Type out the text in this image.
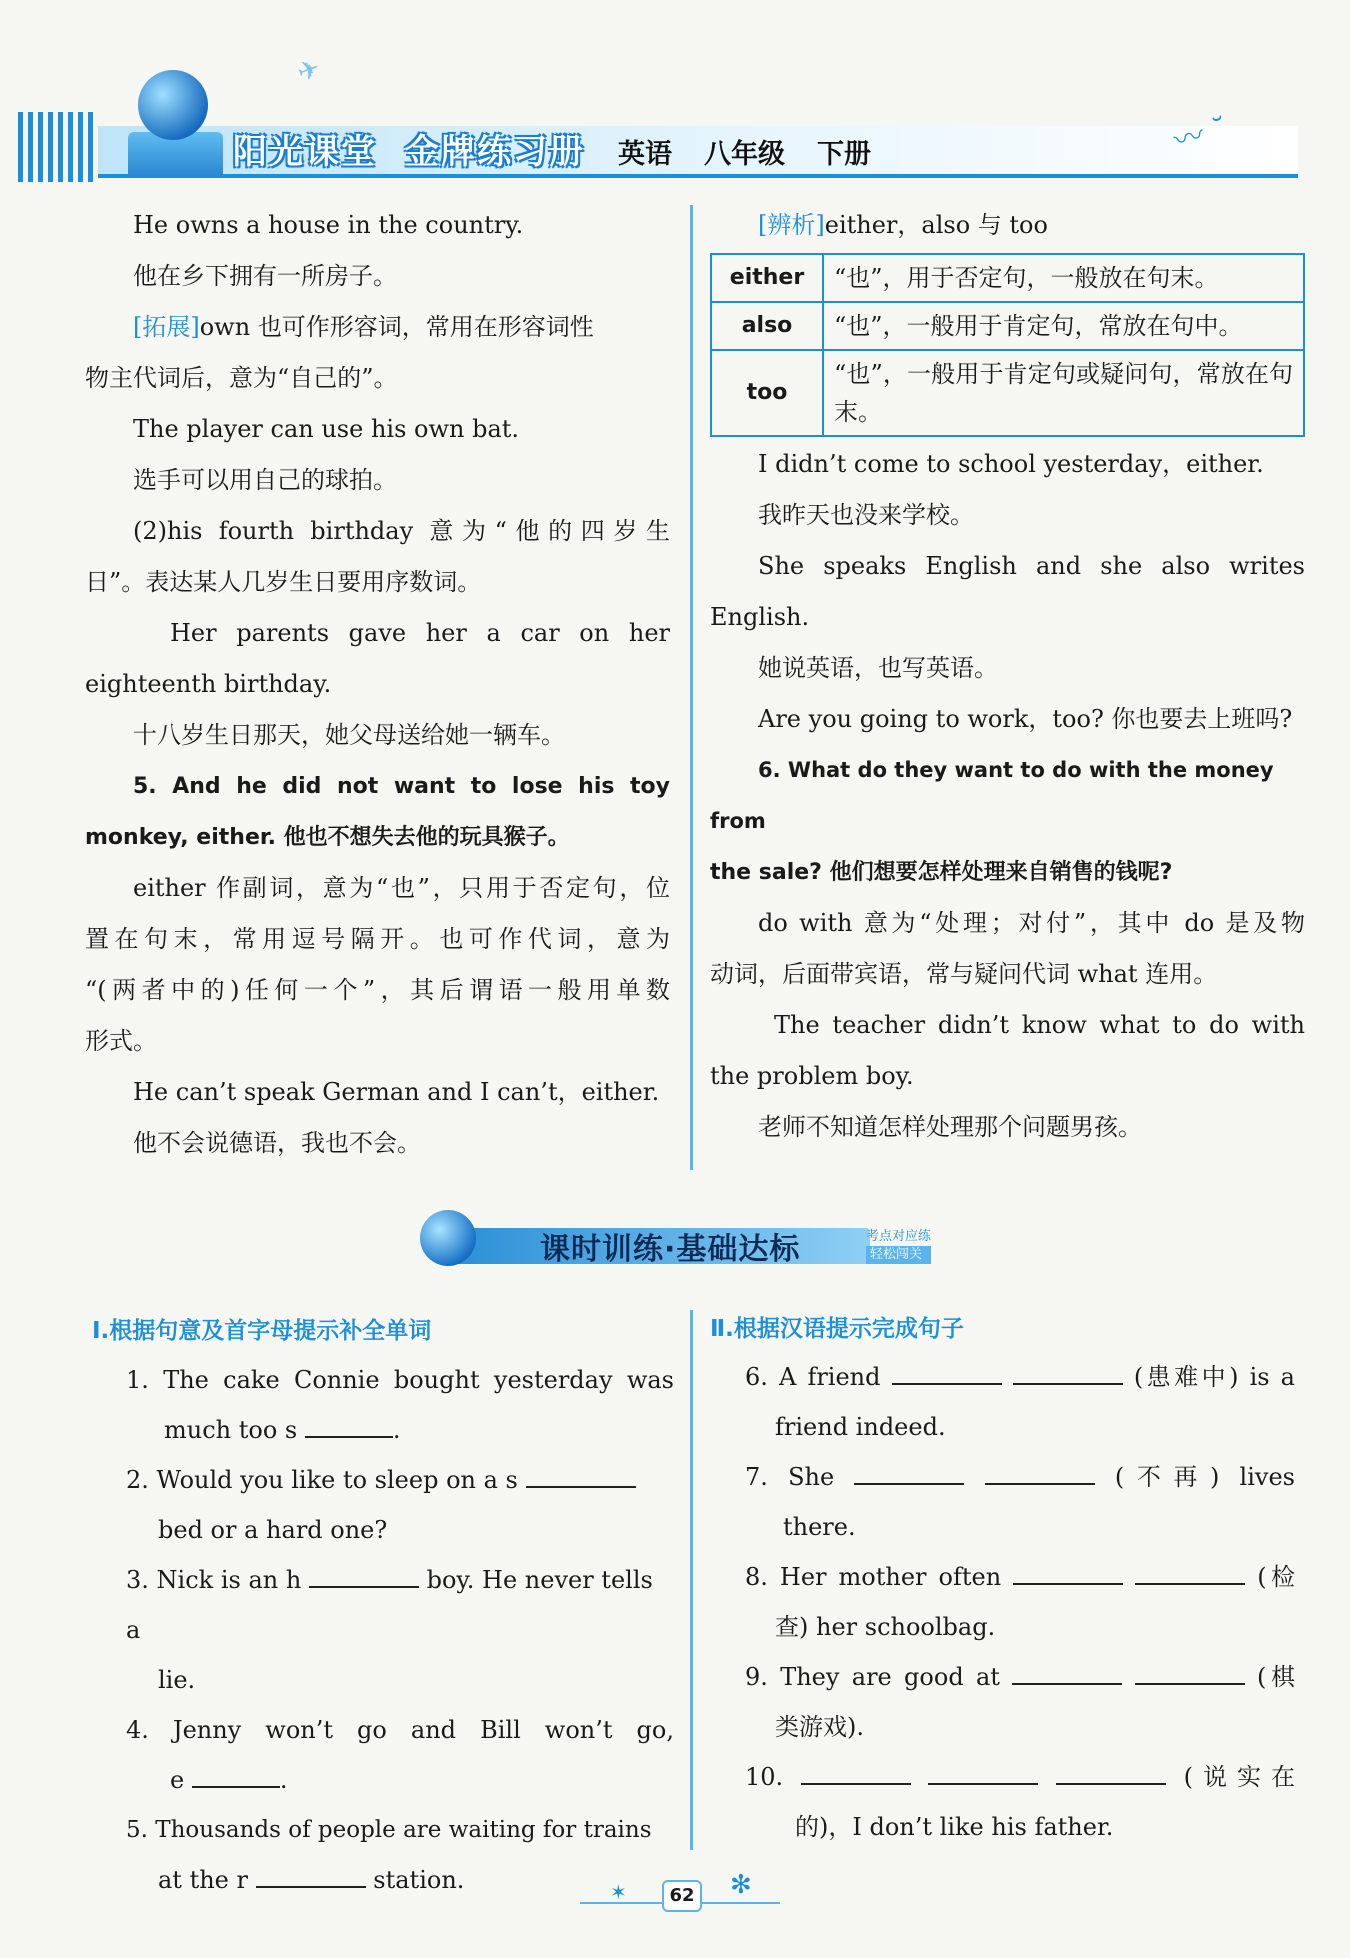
✈
阳光课堂 金牌练习册	英语 八年级 下册	〰 ˘

He owns a house in the country.

他在乡下拥有一所房子。

[拓展]own 也可作形容词，常用在形容词性

物主代词后，意为“自己的”。

The player can use his own bat.

选手可以用自己的球拍。

(2)his fourth birthday 意为“他的四岁生

日”。表达某人几岁生日要用序数词。

Her parents gave her a car on her

eighteenth birthday.

十八岁生日那天，她父母送给她一辆车。

5. And he did not want to lose his toy

monkey, either. 他也不想失去他的玩具猴子。

either 作副词，意为“也”，只用于否定句，位

置在句末，常用逗号隔开。也可作代词，意为

“(两者中的)任何一个”，其后谓语一般用单数

形式。

He can’t speak German and I can’t，either.

他不会说德语，我也不会。

[辨析]either，also 与 too

either	“也”，用于否定句，一般放在句末。
also	“也”，一般用于肯定句，常放在句中。
too	“也”，一般用于肯定句或疑问句，常放在句末。

I didn’t come to school yesterday，either.

我昨天也没来学校。

She speaks English and she also writes

English.

她说英语，也写英语。

Are you going to work，too? 你也要去上班吗?

6. What do they want to do with the money from

the sale? 他们想要怎样处理来自销售的钱呢?

do with 意为“处理；对付”，其中 do 是及物

动词，后面带宾语，常与疑问代词 what 连用。

The teacher didn’t know what to do with

the problem boy.

老师不知道怎样处理那个问题男孩。

课时训练·基础达标	考点对应练
轻松闯关
Ⅰ.根据句意及首字母提示补全单词

1. The cake Connie bought yesterday was

much too s	.

2. Would you like to sleep on a s

bed or a hard one?

3. Nick is an h	boy. He never tells a

lie.

4. Jenny won’t go and Bill won’t go,

e	.

5. Thousands of people are waiting for trains

at the r	station.

Ⅱ.根据汉语提示完成句子

6. A friend	(患难中) is a

friend indeed.

7. She	(不再) lives

there.

8. Her mother often	(检

查) her schoolbag.

9. They are good at	(棋

类游戏).

10.	(说实在

的)，I don’t like his father.

✶	62 ✻
